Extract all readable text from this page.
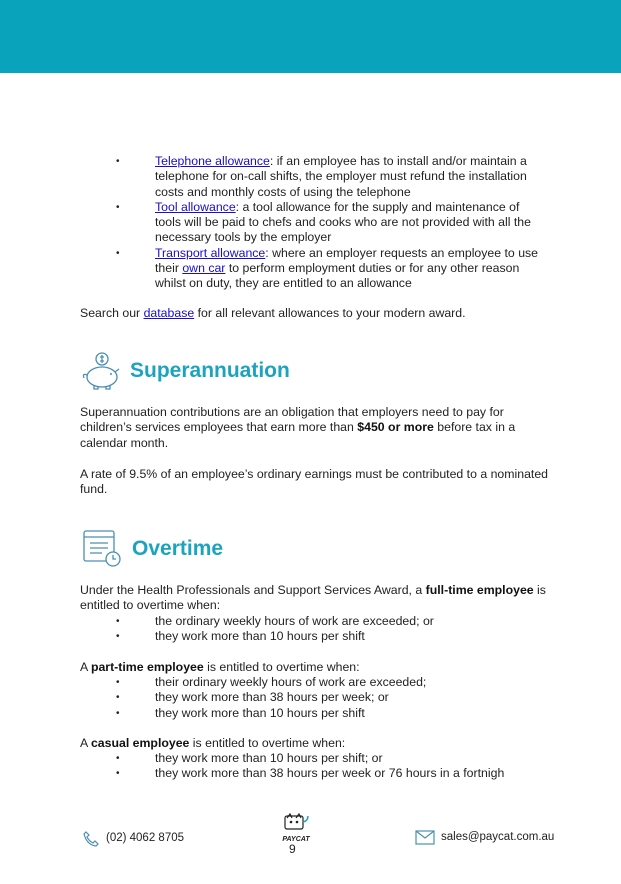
•	Telephone allowance: if an employee has to install and/or maintain a telephone for on-call shifts, the employer must refund the installation costs and monthly costs of using the telephone
•	Tool allowance: a tool allowance for the supply and maintenance of tools will be paid to chefs and cooks who are not provided with all the necessary tools by the employer
•	Transport allowance: where an employer requests an employee to use their own car to perform employment duties or for any other reason whilst on duty, they are entitled to an allowance

Search our database for all relevant allowances to your modern award.

Superannuation

Superannuation contributions are an obligation that employers need to pay for children’s services employees that earn more than $450 or more before tax in a calendar month.

A rate of 9.5% of an employee’s ordinary earnings must be contributed to a nominated fund.

Overtime

Under the Health Professionals and Support Services Award, a full-time employee is entitled to overtime when:

•	the ordinary weekly hours of work are exceeded; or
•	they work more than 10 hours per shift

A part-time employee is entitled to overtime when:

•	their ordinary weekly hours of work are exceeded;
•	they work more than 38 hours per week; or
•	they work more than 10 hours per shift

A casual employee is entitled to overtime when:

•	they work more than 10 hours per shift; or
•	they work more than 38 hours per week or 76 hours in a fortnigh
(02) 4062 8705	PAYCAT
9
sales@paycat.com.au
